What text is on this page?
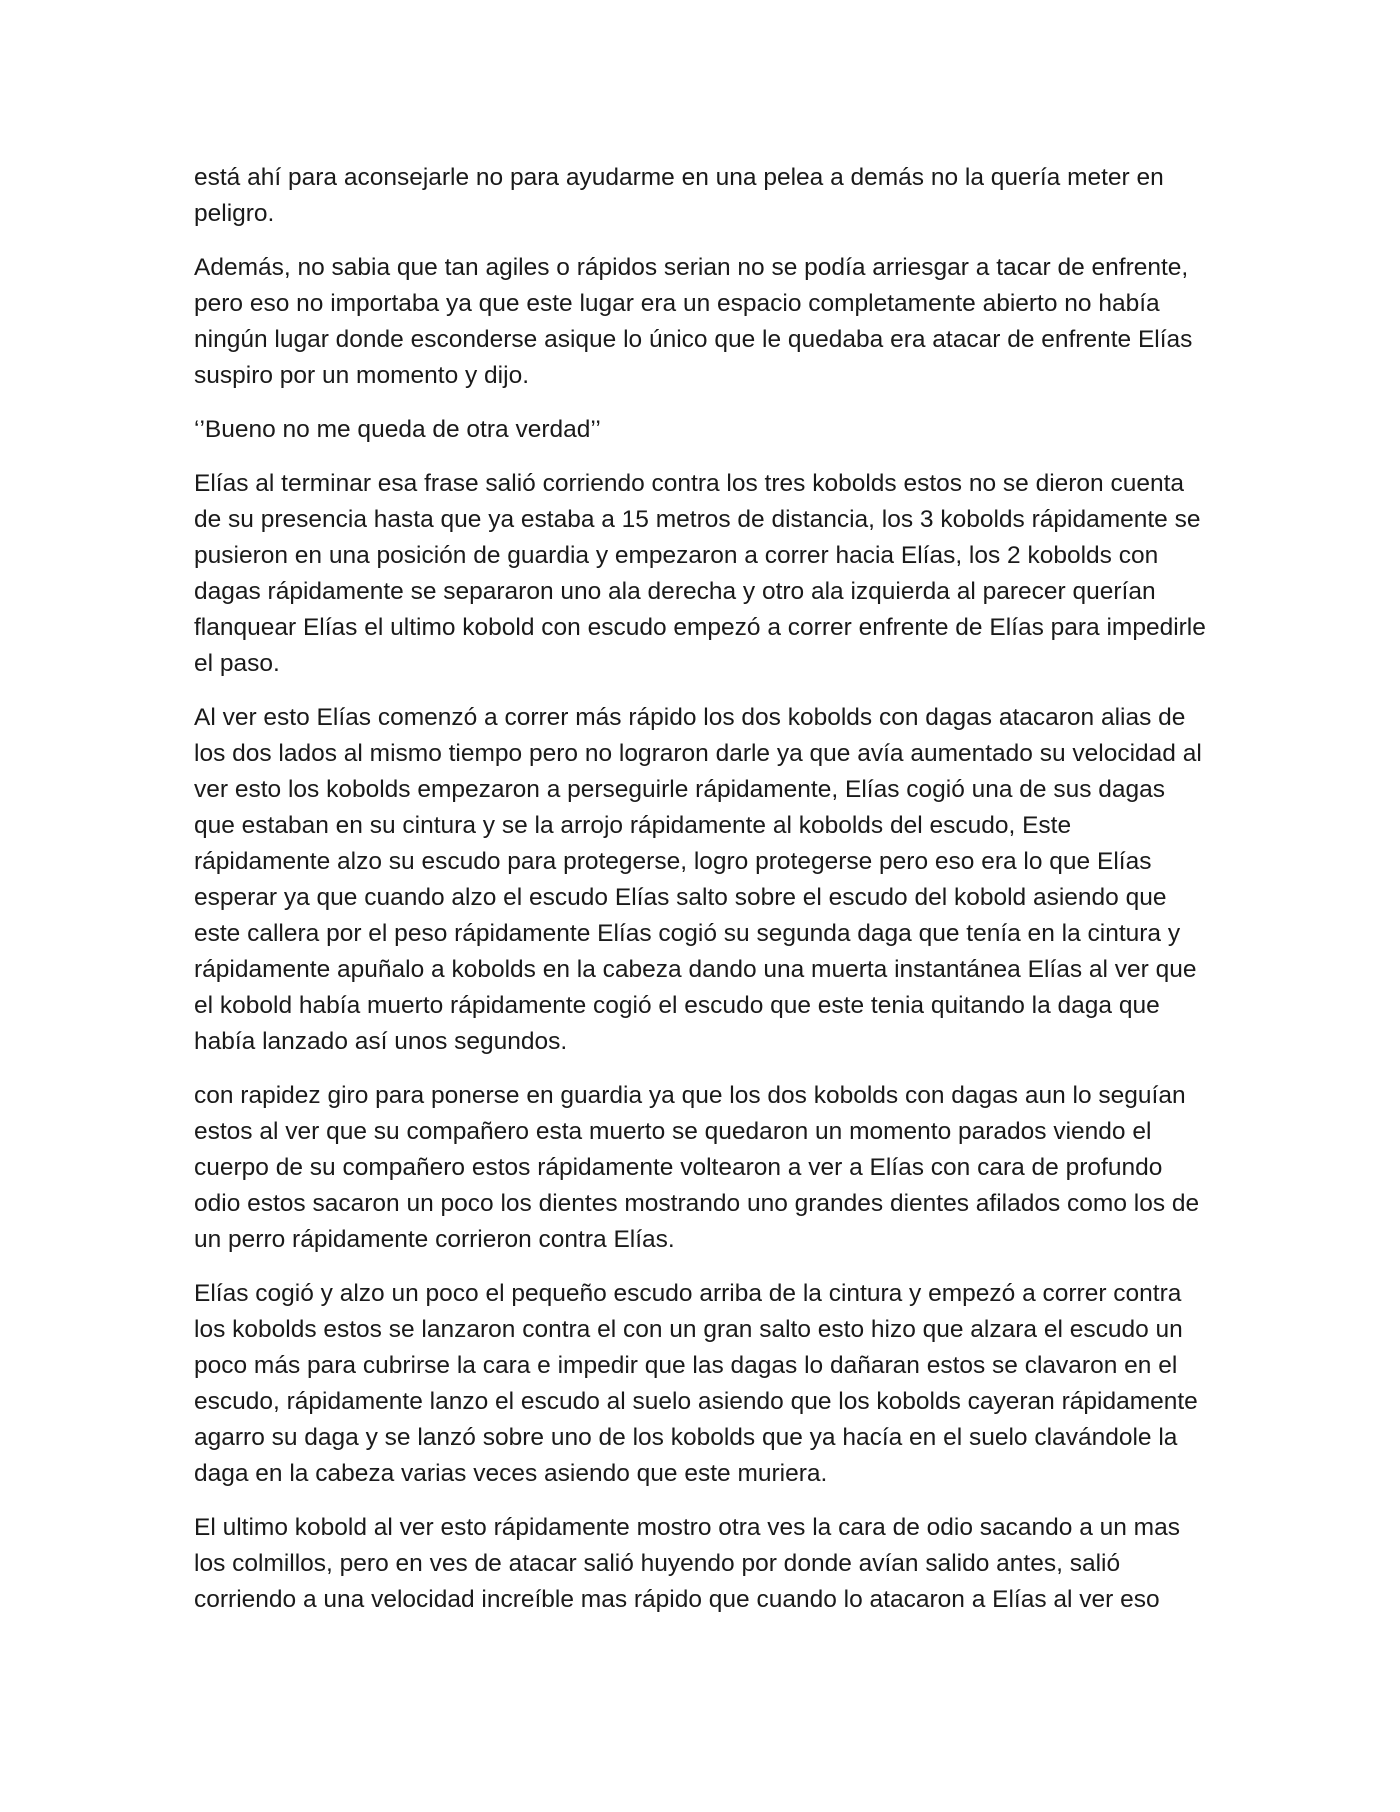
está ahí para aconsejarle no para ayudarme en una pelea a demás no la quería meter en peligro.

Además, no sabia que tan agiles o rápidos serian no se podía arriesgar a tacar de enfrente, pero eso no importaba ya que este lugar era un espacio completamente abierto no había ningún lugar donde esconderse asique lo único que le quedaba era atacar de enfrente Elías suspiro por un momento y dijo.

‘’Bueno no me queda de otra verdad’’

Elías al terminar esa frase salió corriendo contra los tres kobolds estos no se dieron cuenta de su presencia hasta que ya estaba a 15 metros de distancia, los 3 kobolds rápidamente se pusieron en una posición de guardia y empezaron a correr hacia Elías, los 2 kobolds con dagas rápidamente se separaron uno ala derecha y otro ala izquierda al parecer querían flanquear Elías el ultimo kobold con escudo empezó a correr enfrente de Elías para impedirle el paso.

Al ver esto Elías comenzó a correr más rápido los dos kobolds con dagas atacaron alias de los dos lados al mismo tiempo pero no lograron darle ya que avía aumentado su velocidad al ver esto los kobolds empezaron a perseguirle rápidamente, Elías cogió una de sus dagas que estaban en su cintura y se la arrojo rápidamente al kobolds del escudo, Este rápidamente alzo su escudo para protegerse, logro protegerse pero eso era lo que Elías esperar ya que cuando alzo el escudo Elías salto sobre el escudo del kobold asiendo que este callera por el peso rápidamente Elías cogió su segunda daga que tenía en la cintura y rápidamente apuñalo a kobolds en la cabeza dando una muerta instantánea Elías al ver que el kobold había muerto rápidamente cogió el escudo que este tenia quitando la daga que había lanzado así unos segundos.

con rapidez giro para ponerse en guardia ya que los dos kobolds con dagas aun lo seguían estos al ver que su compañero esta muerto se quedaron un momento parados viendo el cuerpo de su compañero estos rápidamente voltearon a ver a Elías con cara de profundo odio estos sacaron un poco los dientes mostrando uno grandes dientes afilados como los de un perro rápidamente corrieron contra Elías.

Elías cogió y alzo un poco el pequeño escudo arriba de la cintura y empezó a correr contra los kobolds estos se lanzaron contra el con un gran salto esto hizo que alzara el escudo un poco más para cubrirse la cara e impedir que las dagas lo dañaran estos se clavaron en el escudo, rápidamente lanzo el escudo al suelo asiendo que los kobolds cayeran rápidamente agarro su daga y se lanzó sobre uno de los kobolds que ya hacía en el suelo clavándole la daga en la cabeza varias veces asiendo que este muriera.

El ultimo kobold al ver esto rápidamente mostro otra ves la cara de odio sacando a un mas los colmillos, pero en ves de atacar salió huyendo por donde avían salido antes, salió corriendo a una velocidad increíble mas rápido que cuando lo atacaron a Elías al ver eso
